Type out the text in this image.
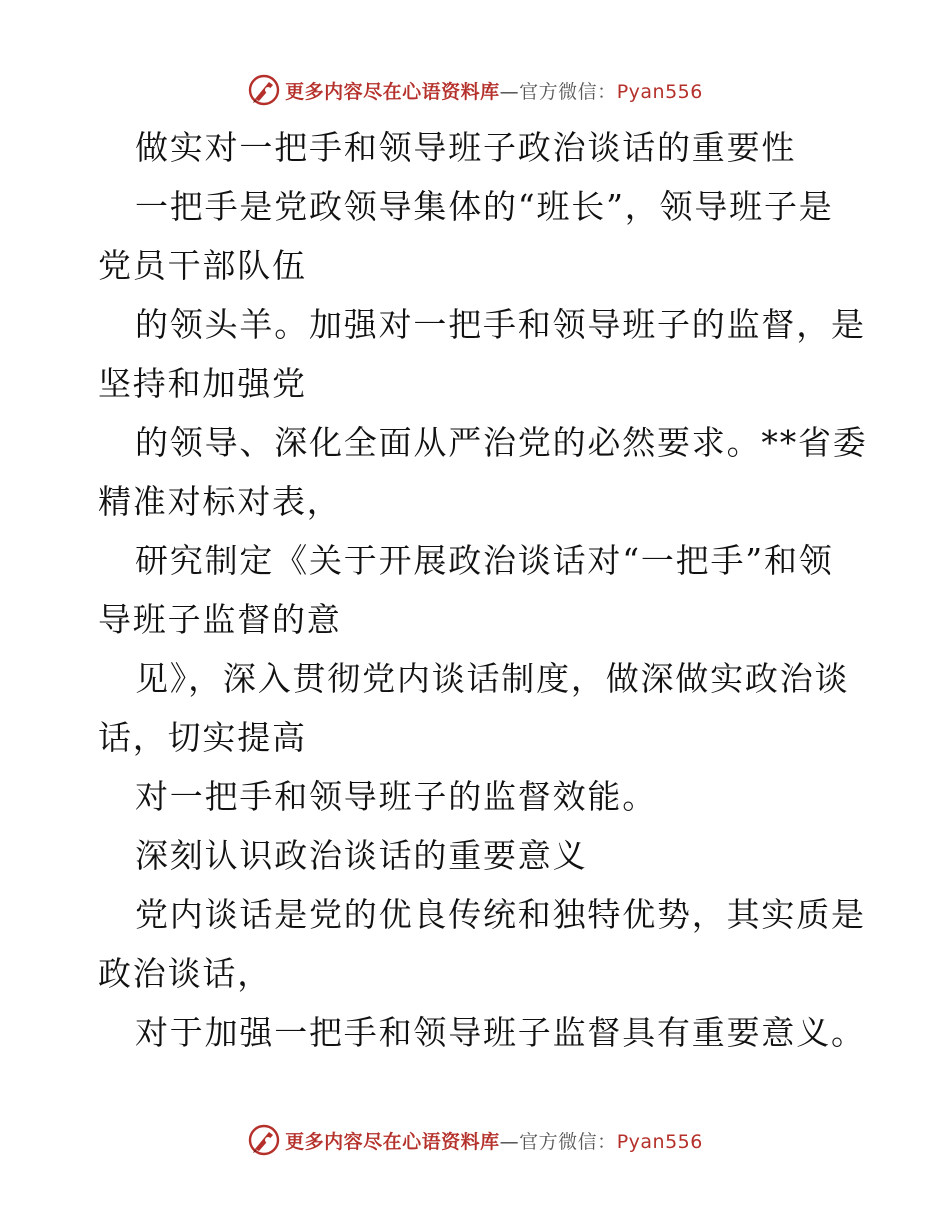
更多内容尽在心语资料库—官方微信：Pyan556
做实对一把手和领导班子政治谈话的重要性
一把手是党政领导集体的“班长”，领导班子是
党员干部队伍
的领头羊。加强对一把手和领导班子的监督，是
坚持和加强党
的领导、深化全面从严治党的必然要求。**省委
精准对标对表，
研究制定《关于开展政治谈话对“一把手”和领
导班子监督的意
见》，深入贯彻党内谈话制度，做深做实政治谈
话，切实提高
对一把手和领导班子的监督效能。
深刻认识政治谈话的重要意义
党内谈话是党的优良传统和独特优势，其实质是
政治谈话，
对于加强一把手和领导班子监督具有重要意义。
更多内容尽在心语资料库—官方微信：Pyan556
